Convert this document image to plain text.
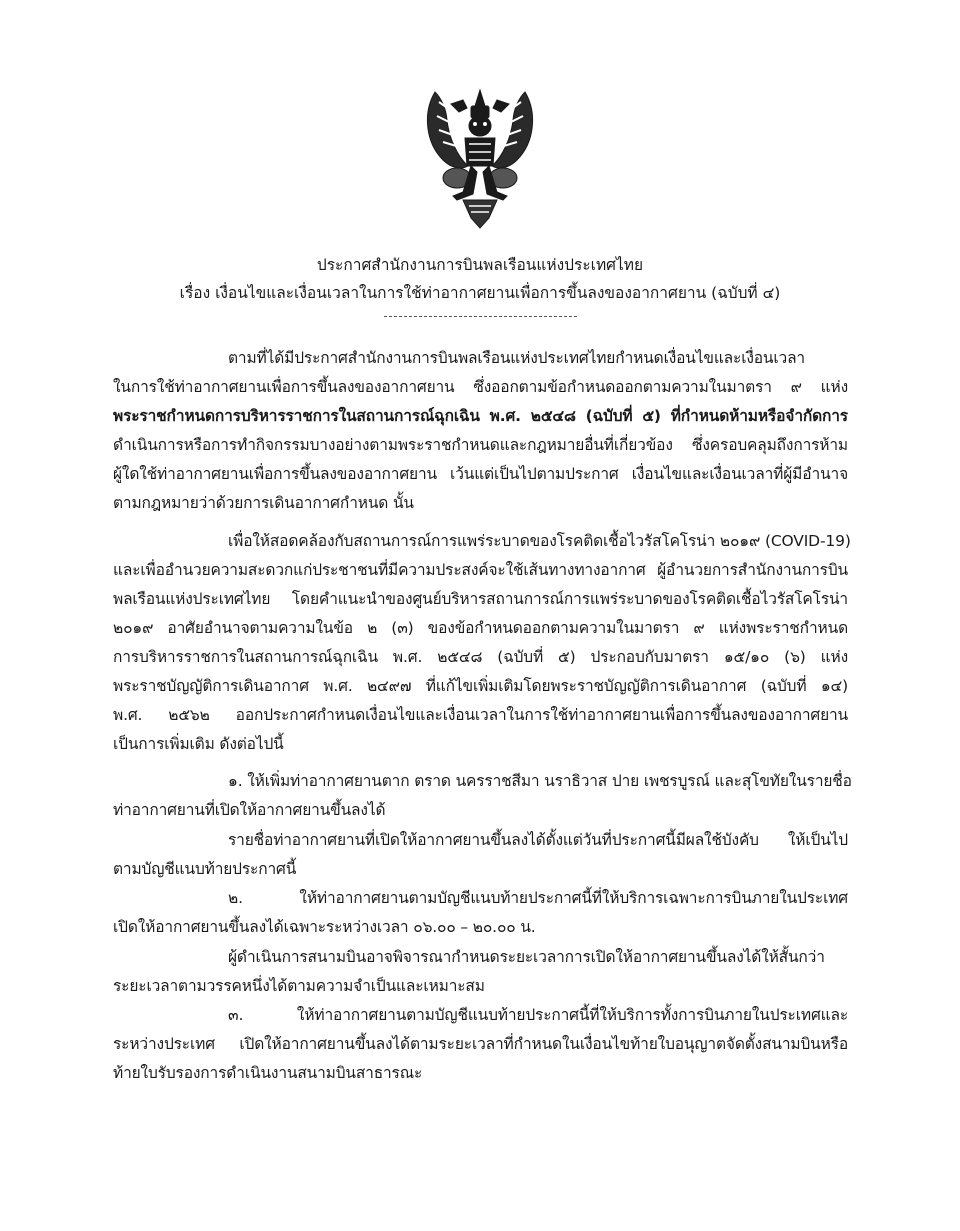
ประกาศสำนักงานการบินพลเรือนแห่งประเทศไทย
เรื่อง เงื่อนไขและเงื่อนเวลาในการใช้ท่าอากาศยานเพื่อการขึ้นลงของอากาศยาน (ฉบับที่ ๔)
ตามที่ได้มีประกาศสำนักงานการบินพลเรือนแห่งประเทศไทยกำหนดเงื่อนไขและเงื่อนเวลา
ในการใช้ท่าอากาศยานเพื่อการขึ้นลงของอากาศยาน ซึ่งออกตามข้อกำหนดออกตามความในมาตรา ๙ แห่ง
พระราชกำหนดการบริหารราชการในสถานการณ์ฉุกเฉิน พ.ศ. ๒๕๔๘ (ฉบับที่ ๕) ที่กำหนดห้ามหรือจำกัดการ
ดำเนินการหรือการทำกิจกรรมบางอย่างตามพระราชกำหนดและกฎหมายอื่นที่เกี่ยวข้อง ซึ่งครอบคลุมถึงการห้าม
ผู้ใดใช้ท่าอากาศยานเพื่อการขึ้นลงของอากาศยาน เว้นแต่เป็นไปตามประกาศ เงื่อนไขและเงื่อนเวลาที่ผู้มีอำนาจ
ตามกฎหมายว่าด้วยการเดินอากาศกำหนด นั้น
เพื่อให้สอดคล้องกับสถานการณ์การแพร่ระบาดของโรคติดเชื้อไวรัสโคโรน่า ๒๐๑๙ (COVID-19)
และเพื่ออำนวยความสะดวกแก่ประชาชนที่มีความประสงค์จะใช้เส้นทางทางอากาศ ผู้อำนวยการสำนักงานการบิน
พลเรือนแห่งประเทศไทย โดยคำแนะนำของศูนย์บริหารสถานการณ์การแพร่ระบาดของโรคติดเชื้อไวรัสโคโรน่า
๒๐๑๙ อาศัยอำนาจตามความในข้อ ๒ (๓) ของข้อกำหนดออกตามความในมาตรา ๙ แห่งพระราชกำหนด
การบริหารราชการในสถานการณ์ฉุกเฉิน พ.ศ. ๒๕๔๘ (ฉบับที่ ๕) ประกอบกับมาตรา ๑๕/๑๐ (๖) แห่ง
พระราชบัญญัติการเดินอากาศ พ.ศ. ๒๔๙๗ ที่แก้ไขเพิ่มเติมโดยพระราชบัญญัติการเดินอากาศ (ฉบับที่ ๑๔)
พ.ศ. ๒๕๖๒ ออกประกาศกำหนดเงื่อนไขและเงื่อนเวลาในการใช้ท่าอากาศยานเพื่อการขึ้นลงของอากาศยาน
เป็นการเพิ่มเติม ดังต่อไปนี้
๑. ให้เพิ่มท่าอากาศยานตาก ตราด นครราชสีมา นราธิวาส ปาย เพชรบูรณ์ และสุโขทัยในรายชื่อ
ท่าอากาศยานที่เปิดให้อากาศยานขึ้นลงได้
รายชื่อท่าอากาศยานที่เปิดให้อากาศยานขึ้นลงได้ตั้งแต่วันที่ประกาศนี้มีผลใช้บังคับ ให้เป็นไป
ตามบัญชีแนบท้ายประกาศนี้
๒. ให้ท่าอากาศยานตามบัญชีแนบท้ายประกาศนี้ที่ให้บริการเฉพาะการบินภายในประเทศ
เปิดให้อากาศยานขึ้นลงได้เฉพาะระหว่างเวลา ๐๖.๐๐ – ๒๐.๐๐ น.
ผู้ดำเนินการสนามบินอาจพิจารณากำหนดระยะเวลาการเปิดให้อากาศยานขึ้นลงได้ให้สั้นกว่า
ระยะเวลาตามวรรคหนึ่งได้ตามความจำเป็นและเหมาะสม
๓. ให้ท่าอากาศยานตามบัญชีแนบท้ายประกาศนี้ที่ให้บริการทั้งการบินภายในประเทศและ
ระหว่างประเทศ เปิดให้อากาศยานขึ้นลงได้ตามระยะเวลาที่กำหนดในเงื่อนไขท้ายใบอนุญาตจัดตั้งสนามบินหรือ
ท้ายใบรับรองการดำเนินงานสนามบินสาธารณะ
